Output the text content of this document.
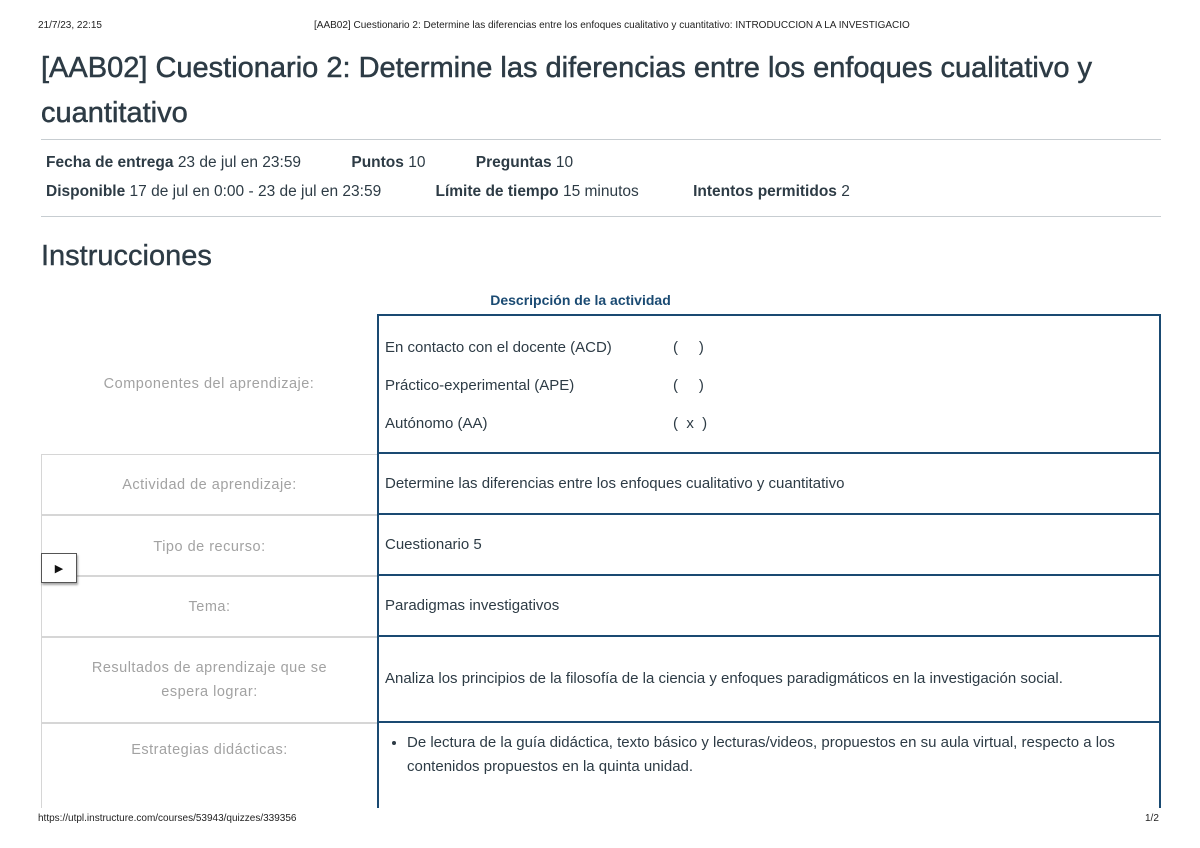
21/7/23, 22:15	[AAB02] Cuestionario 2: Determine las diferencias entre los enfoques cualitativo y cuantitativo: INTRODUCCION A LA INVESTIGACIO
[AAB02] Cuestionario 2: Determine las diferencias entre los enfoques cualitativo y cuantitativo
Fecha de entrega 23 de jul en 23:59	Puntos 10	Preguntas 10
Disponible 17 de jul en 0:00 - 23 de jul en 23:59	Límite de tiempo 15 minutos	Intentos permitidos 2
Instrucciones
Descripción de la actividad
Componentes del aprendizaje:
En contacto con el docente (ACD)	(     )
Práctico-experimental (APE)	(     )
Autónomo (AA)	(  x  )
Actividad de aprendizaje:	Determine las diferencias entre los enfoques cualitativo y cuantitativo
Tipo de recurso:	Cuestionario 5
Tema:	Paradigmas investigativos
Resultados de aprendizaje que se espera lograr:
Analiza los principios de la filosofía de la ciencia y enfoques paradigmáticos en la investigación social.
Estrategias didácticas:
•	De lectura de la guía didáctica, texto básico y lecturas/videos, propuestos en su aula virtual, respecto a los contenidos propuestos en la quinta unidad.
▶
https://utpl.instructure.com/courses/53943/quizzes/339356	1/2
